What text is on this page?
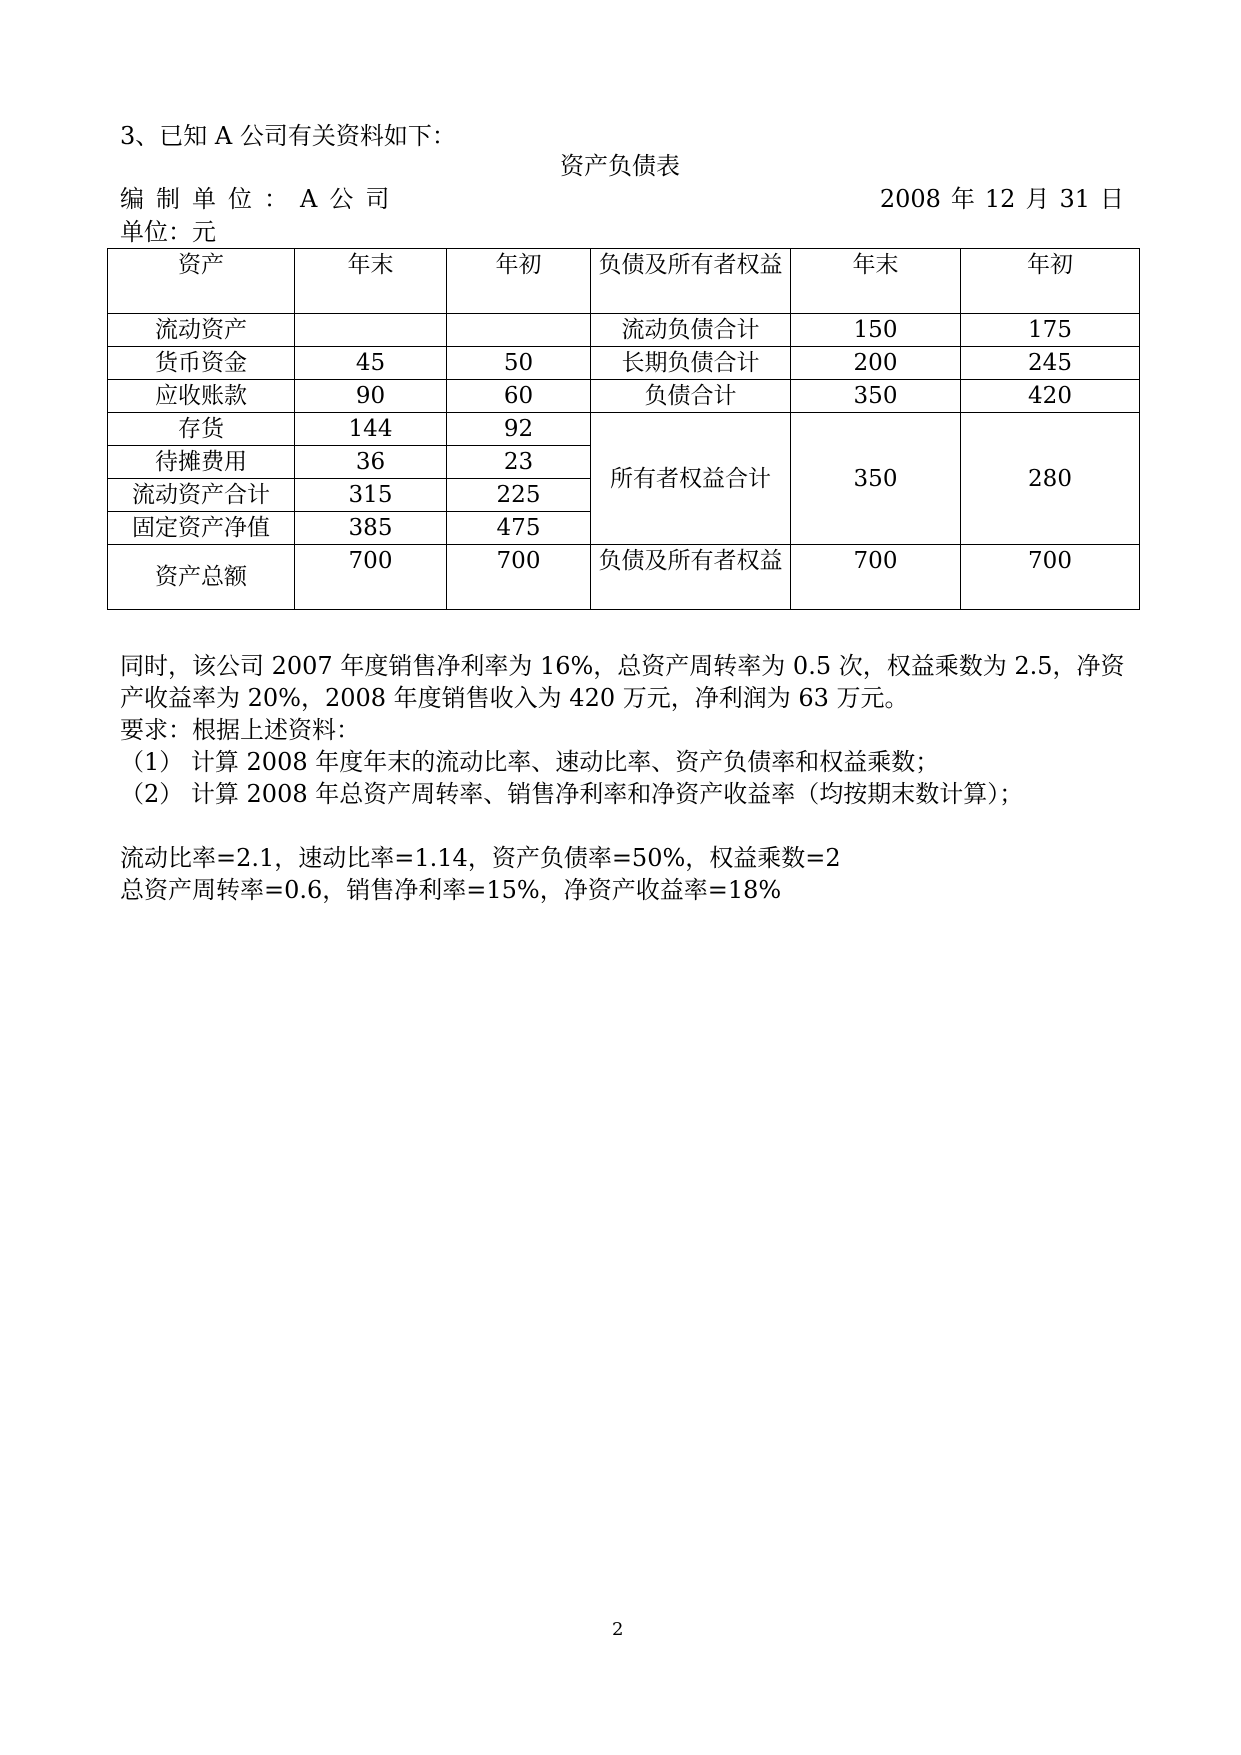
3、已知 A 公司有关资料如下：
资产负债表
编制单位：A公司	2008 年 12 月 31 日
单位：元
资产	年末	年初	负债及所有者权益	年末	年初
流动资产			流动负债合计	150	175
货币资金	45	50	长期负债合计	200	245
应收账款	90	60	负债合计	350	420
存货	144	92	所有者权益合计	350	280
待摊费用	36	23			
流动资产合计	315	225			
固定资产净值	385	475			
资产总额	700	700	负债及所有者权益	700	700
同时，该公司 2007 年度销售净利率为 16%，总资产周转率为 0.5 次，权益乘数为 2.5，净资产收益率为 20%，2008 年度销售收入为 420 万元，净利润为 63 万元。
要求：根据上述资料：
（1） 计算 2008 年度年末的流动比率、速动比率、资产负债率和权益乘数；
（2） 计算 2008 年总资产周转率、销售净利率和净资产收益率（均按期末数计算）；
流动比率=2.1，速动比率=1.14，资产负债率=50%，权益乘数=2
总资产周转率=0.6，销售净利率=15%，净资产收益率=18%
2
